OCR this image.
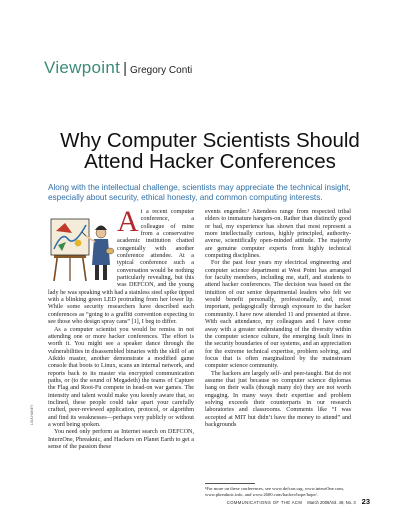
Viewpoint | Gregory Conti
Why Computer Scientists Should Attend Hacker Conferences

Along with the intellectual challenge, scientists may appreciate the technical insight, especially about security, ethical honesty, and common computing interests.

LISA HANEY

At a recent computer conference, a colleague of mine from a conservative academic institution chatted congenially with another conference attendee. At a typical conference such a conversation would be nothing particularly revealing, but this was DEFCON, and the young lady he was speaking with had a stainless steel spike tipped with a blinking green LED protruding from her lower lip. While some security researchers have described such conferences as “going to a graffiti convention expecting to see those who design spray cans” [1], I beg to differ.

As a computer scientist you would be remiss in not attending one or more hacker conferences. The effort is worth it. You might see a speaker dance through the vulnerabilities in disassembled binaries with the skill of an Aikido master, another demonstrate a modified game console that boots to Linux, scans an internal network, and reports back to its master via encrypted communication paths, or (to the sound of Megadeth) the teams of Capture the Flag and Root-Fu compete in head-on war games. The intensity and talent would make you keenly aware that, so inclined, these people could take apart your carefully crafted, peer-reviewed application, protocol, or algorithm and find its weaknesses—perhaps very publicly or without a word being spoken.

You need only perform as Internet search on DEFCON, InterzOne, Phreaknic, and Hackers on Planet Earth to get a sense of the passion these

events engender.¹ Attendees range from respected tribal elders to immature hangers-on. Rather than distinctly good or bad, my experience has shown that most represent a more intellectually curious, highly principled, authority-averse, scientifically open-minded attitude. The majority are genuine computer experts from highly technical computing disciplines.

For the past four years my electrical engineering and computer science department at West Point has arranged for faculty members, including me, staff, and students to attend hacker conferences. The decision was based on the intuition of our senior departmental leaders who felt we would benefit personally, professionally, and, most important, pedagogically through exposure to the hacker community. I have now attended 11 and presented at three. With each attendance, my colleagues and I have come away with a greater understanding of the diversity within the computer science culture, the emerging fault lines in the security boundaries of our systems, and an appreciation for the extreme technical expertise, problem solving, and focus that is often marginalized by the mainstream computer science community.

The hackers are largely self- and peer-taught. But do not assume that just because no computer science diplomas hang on their walls (though many do) they are not worth engaging. In many ways their expertise and problem solving exceeds their counterparts in our research laboratories and classrooms. Comments like “I was accepted at MIT but didn’t have the money to attend” and backgrounds

¹For more on these conferences, see www.defcon.org, www.interzOne.com, www.phreaknic.info, and www.2600.com/hacker/hope/hope/.
COMMUNICATIONS OF THE ACM March 2006/Vol. 49, No. 3 23
